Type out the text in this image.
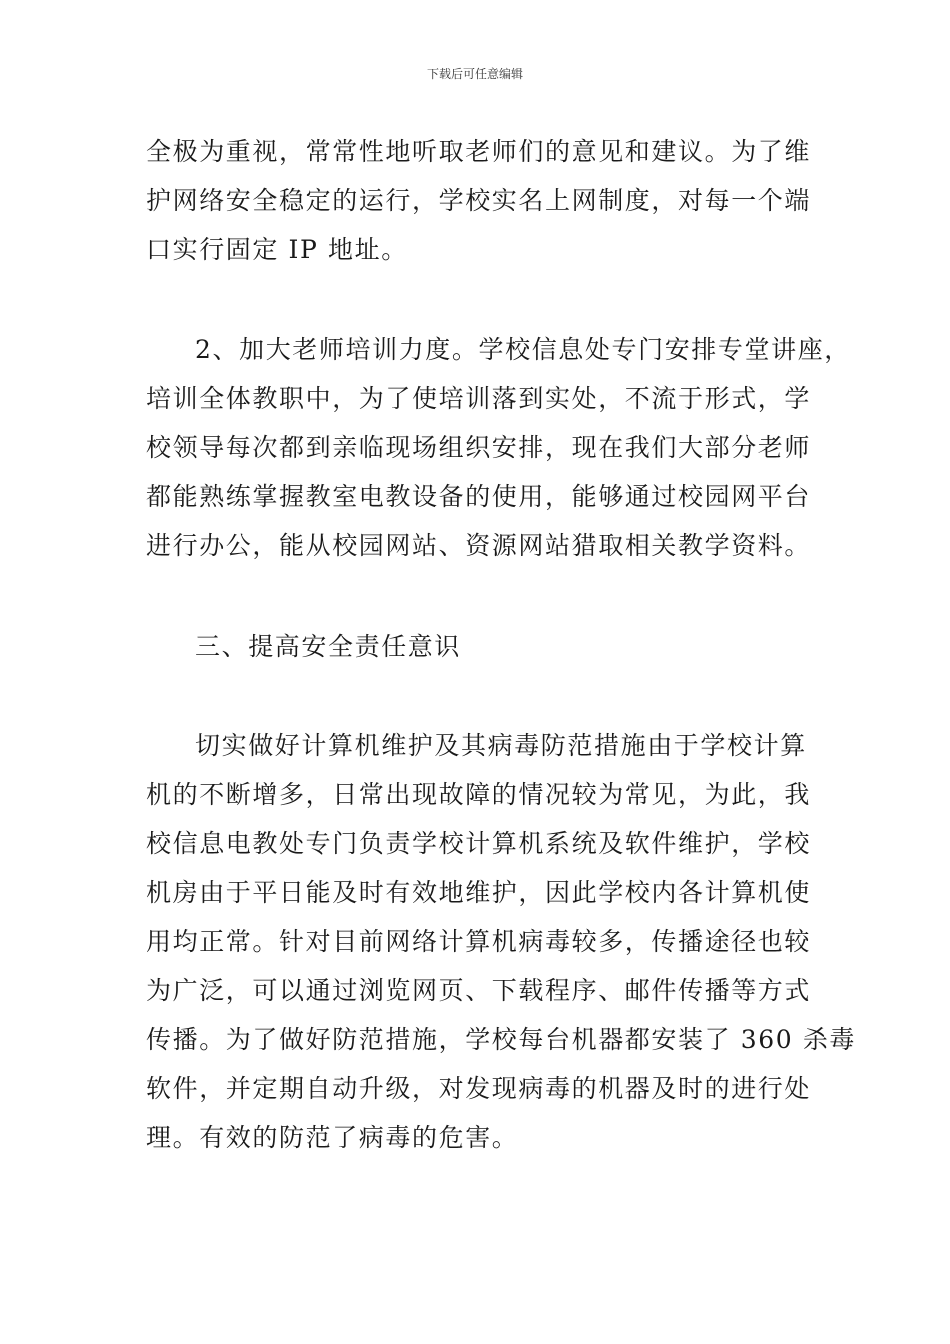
下载后可任意编辑
全极为重视，常常性地听取老师们的意见和建议。为了维
护网络安全稳定的运行，学校实名上网制度，对每一个端
口实行固定 IP 地址。
2、加大老师培训力度。学校信息处专门安排专堂讲座，
培训全体教职中，为了使培训落到实处，不流于形式，学
校领导每次都到亲临现场组织安排，现在我们大部分老师
都能熟练掌握教室电教设备的使用，能够通过校园网平台
进行办公，能从校园网站、资源网站猎取相关教学资料。
三、提高安全责任意识
切实做好计算机维护及其病毒防范措施由于学校计算
机的不断增多，日常出现故障的情况较为常见，为此，我
校信息电教处专门负责学校计算机系统及软件维护，学校
机房由于平日能及时有效地维护，因此学校内各计算机使
用均正常。针对目前网络计算机病毒较多，传播途径也较
为广泛，可以通过浏览网页、下载程序、邮件传播等方式
传播。为了做好防范措施，学校每台机器都安装了 360 杀毒
软件，并定期自动升级，对发现病毒的机器及时的进行处
理。有效的防范了病毒的危害。
